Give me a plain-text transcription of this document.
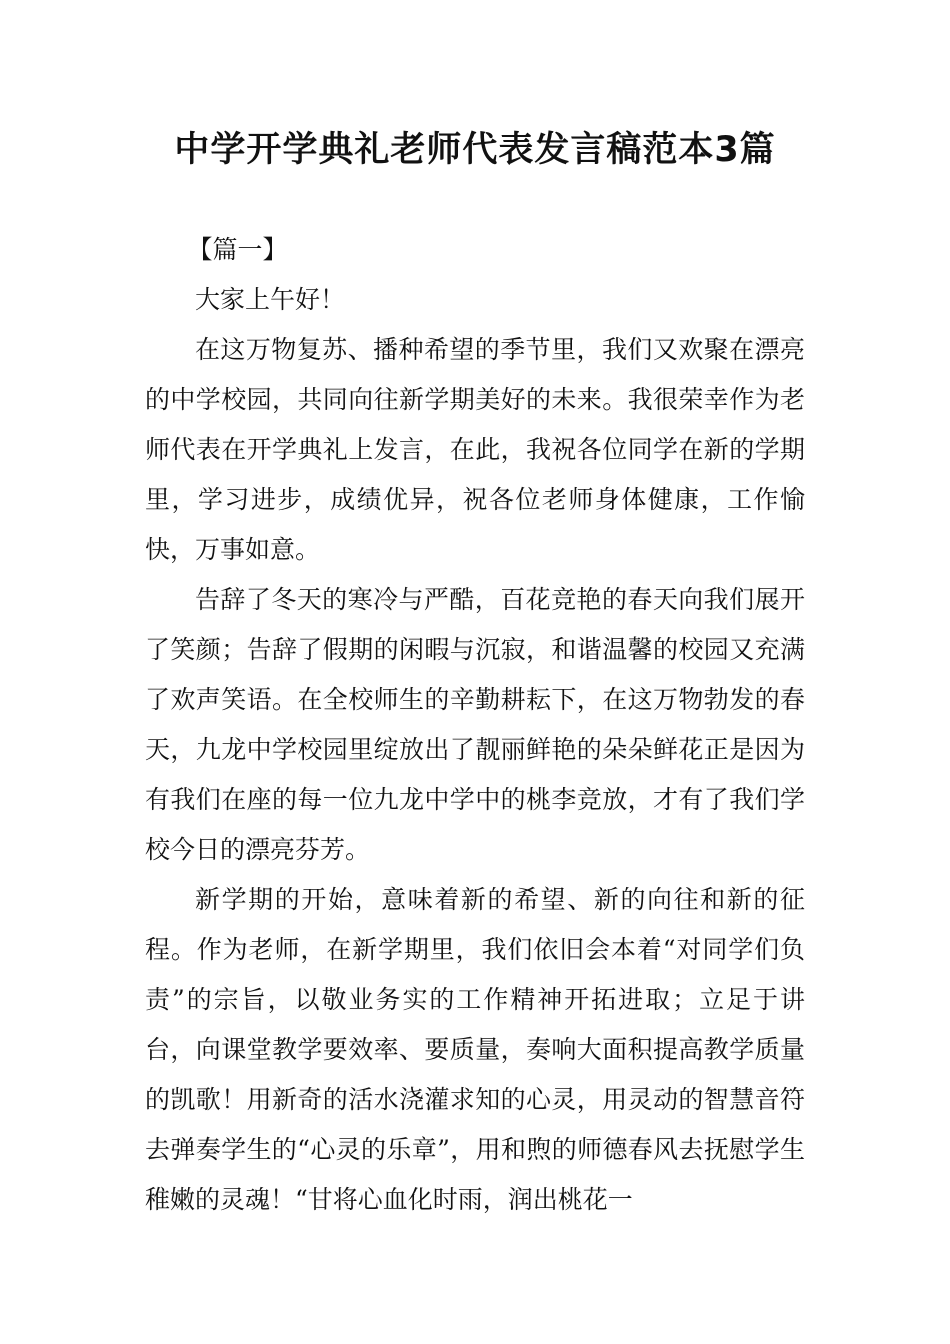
中学开学典礼老师代表发言稿范本3篇

【篇一】

大家上午好！

在这万物复苏、播种希望的季节里，我们又欢聚在漂亮的中学校园，共同向往新学期美好的未来。我很荣幸作为老师代表在开学典礼上发言，在此，我祝各位同学在新的学期里，学习进步，成绩优异，祝各位老师身体健康，工作愉快，万事如意。

告辞了冬天的寒冷与严酷，百花竞艳的春天向我们展开了笑颜；告辞了假期的闲暇与沉寂，和谐温馨的校园又充满了欢声笑语。在全校师生的辛勤耕耘下，在这万物勃发的春天，九龙中学校园里绽放出了靓丽鲜艳的朵朵鲜花正是因为有我们在座的每一位九龙中学中的桃李竞放，才有了我们学校今日的漂亮芬芳。

新学期的开始，意味着新的希望、新的向往和新的征程。作为老师，在新学期里，我们依旧会本着“对同学们负责”的宗旨，以敬业务实的工作精神开拓进取；立足于讲台，向课堂教学要效率、要质量，奏响大面积提高教学质量的凯歌！用新奇的活水浇灌求知的心灵，用灵动的智慧音符去弹奏学生的“心灵的乐章”，用和煦的师德春风去抚慰学生稚嫩的灵魂！“甘将心血化时雨，润出桃花一
